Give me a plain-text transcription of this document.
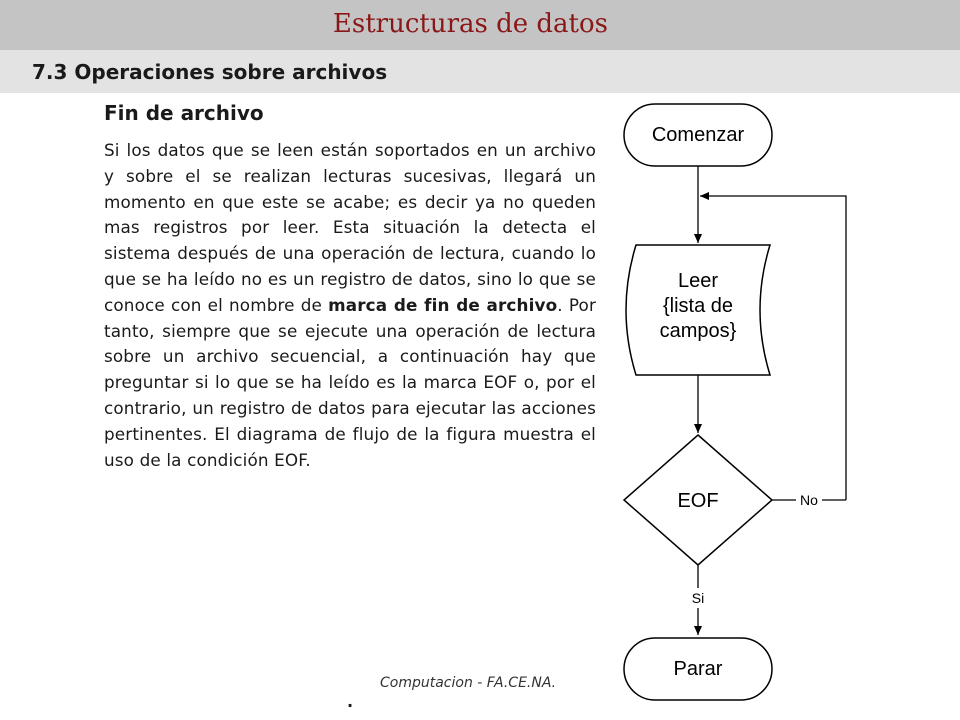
Estructuras de datos
7.3 Operaciones sobre archivos
Fin de archivo
Si los datos que se leen están soportados en un archivo y sobre el se realizan lecturas sucesivas, llegará un momento en que este se acabe; es decir ya no queden mas registros por leer. Esta situación la detecta el sistema después de una operación de lectura, cuando lo que se ha leído no es un registro de datos, sino lo que se conoce con el nombre de marca de fin de archivo. Por tanto, siempre que se ejecute una operación de lectura sobre un archivo secuencial, a continuación hay que preguntar si lo que se ha leído es la marca EOF o, por el contrario, un registro de datos para ejecutar las acciones pertinentes. El diagrama de flujo de la figura muestra el uso de la condición EOF.
Comenzar
Leer
{lista de
campos}
EOF	No
Si
Parar
Computacion - FA.CE.NA.
.
